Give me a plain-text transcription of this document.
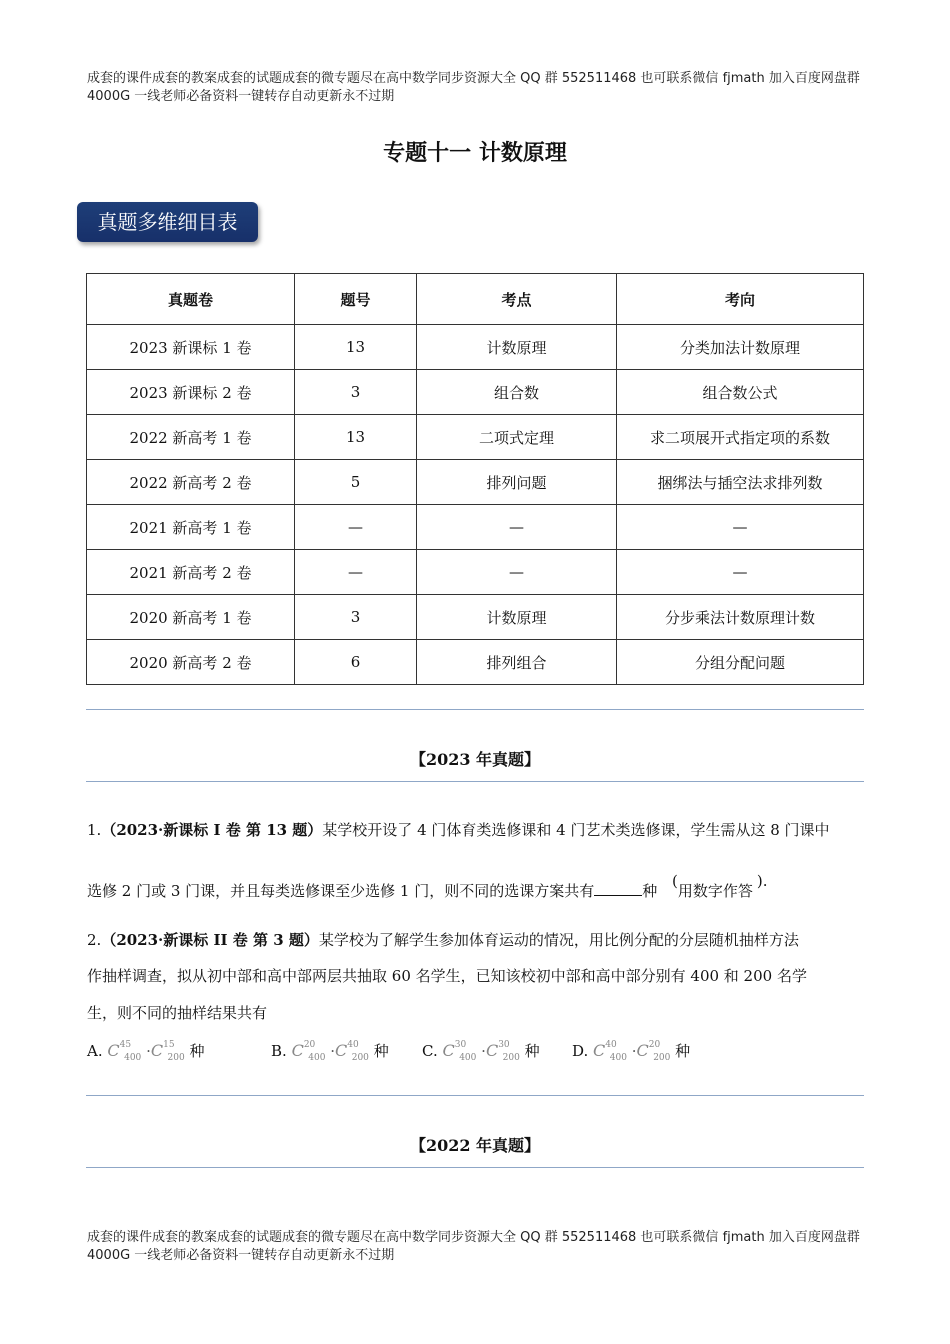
成套的课件成套的教案成套的试题成套的微专题尽在高中数学同步资源大全 QQ 群 552511468 也可联系微信 fjmath 加入百度网盘群 4000G 一线老师必备资料一键转存自动更新永不过期
专题十一 计数原理
真题多维细目表
真题卷	题号	考点	考向
2023 新课标 1 卷	13	计数原理	分类加法计数原理
2023 新课标 2 卷	3	组合数	组合数公式
2022 新高考 1 卷	13	二项式定理	求二项展开式指定项的系数
2022 新高考 2 卷	5	排列问题	捆绑法与插空法求排列数
2021 新高考 1 卷	—	—	—
2021 新高考 2 卷	—	—	—
2020 新高考 1 卷	3	计数原理	分步乘法计数原理计数
2020 新高考 2 卷	6	排列组合	分组分配问题
【2023 年真题】
1.（2023·新课标 I 卷 第 13 题）某学校开设了 4 门体育类选修课和 4 门艺术类选修课，学生需从这 8 门课中
选修 2 门或 3 门课，并且每类选修课至少选修 1 门，则不同的选课方案共有	种 (用数字作答).
2.（2023·新课标 II 卷 第 3 题）某学校为了解学生参加体育运动的情况，用比例分配的分层随机抽样方法
作抽样调查，拟从初中部和高中部两层共抽取 60 名学生，已知该校初中部和高中部分别有 400 和 200 名学
生，则不同的抽样结果共有
A. $C^{45}_{400} \cdot C^{15}_{200}$ 种	B. $C^{20}_{400} \cdot C^{40}_{200}$ 种 C. $C^{30}_{400} \cdot C^{30}_{200}$ 种 D. $C^{40}_{400} \cdot C^{20}_{200}$ 种
【2022 年真题】
成套的课件成套的教案成套的试题成套的微专题尽在高中数学同步资源大全 QQ 群 552511468 也可联系微信 fjmath 加入百度网盘群 4000G 一线老师必备资料一键转存自动更新永不过期
